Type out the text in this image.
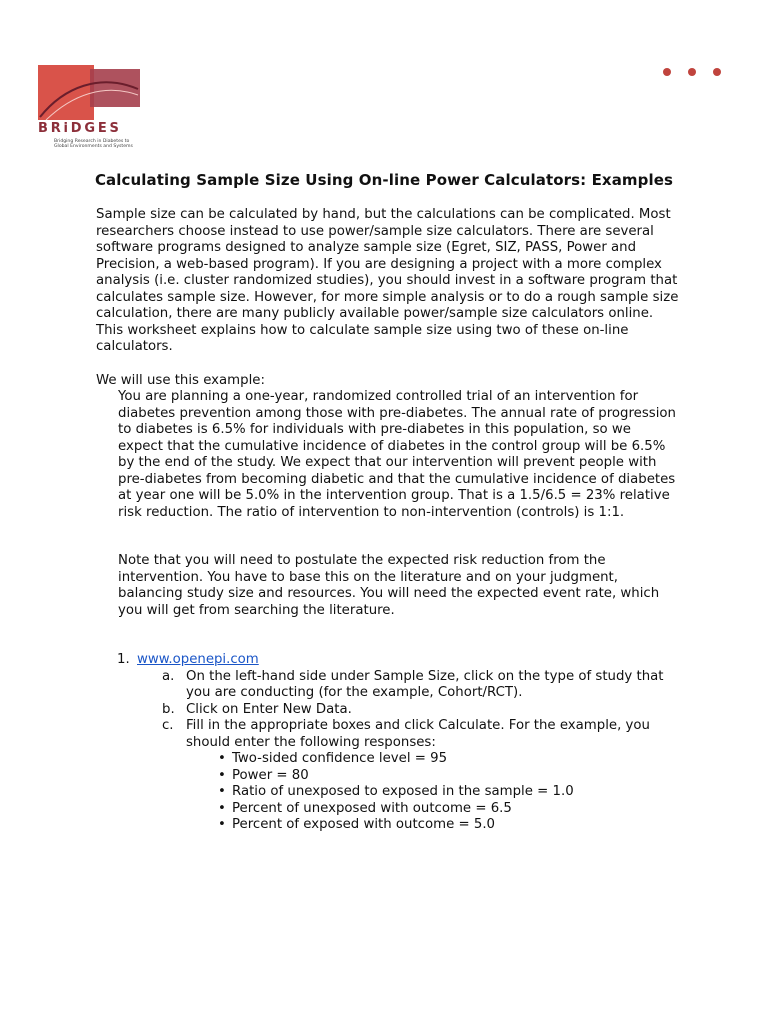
BRiDGES
Bridging Research in Diabetes to Global Environments and Systems
Calculating Sample Size Using On-line Power Calculators: Examples

Sample size can be calculated by hand, but the calculations can be complicated. Most researchers choose instead to use power/sample size calculators. There are several software programs designed to analyze sample size (Egret, SIZ, PASS, Power and Precision, a web-based program). If you are designing a project with a more complex analysis (i.e. cluster randomized studies), you should invest in a software program that calculates sample size. However, for more simple analysis or to do a rough sample size calculation, there are many publicly available power/sample size calculators online. This worksheet explains how to calculate sample size using two of these on-line calculators.

We will use this example:

You are planning a one-year, randomized controlled trial of an intervention for diabetes prevention among those with pre-diabetes. The annual rate of progression to diabetes is 6.5% for individuals with pre-diabetes in this population, so we expect that the cumulative incidence of diabetes in the control group will be 6.5% by the end of the study. We expect that our intervention will prevent people with pre-diabetes from becoming diabetic and that the cumulative incidence of diabetes at year one will be 5.0% in the intervention group. That is a 1.5/6.5 = 23% relative risk reduction. The ratio of intervention to non-intervention (controls) is 1:1.

Note that you will need to postulate the expected risk reduction from the intervention. You have to base this on the literature and on your judgment, balancing study size and resources. You will need the expected event rate, which you will get from searching the literature.

1. www.openepi.com
a. On the left-hand side under Sample Size, click on the type of study that you are conducting (for the example, Cohort/RCT).
b. Click on Enter New Data.
c. Fill in the appropriate boxes and click Calculate. For the example, you should enter the following responses:
• Two-sided confidence level = 95
• Power = 80
• Ratio of unexposed to exposed in the sample = 1.0
• Percent of unexposed with outcome = 6.5
• Percent of exposed with outcome = 5.0
